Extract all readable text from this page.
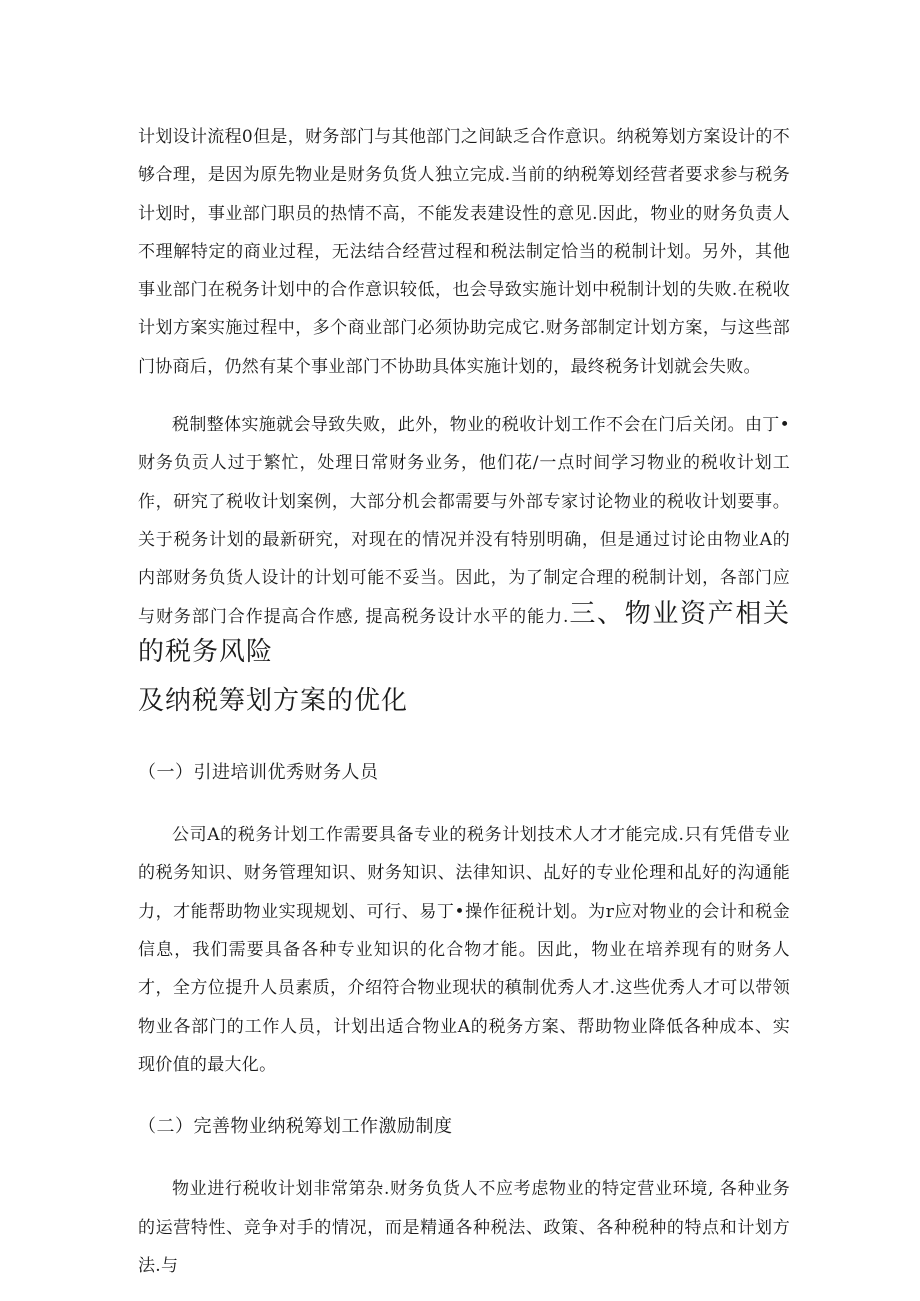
计划设计流程0但是，财务部门与其他部门之间缺乏合作意识。纳税筹划方案设计的不够合理，是因为原先物业是财务负货人独立完成.当前的纳税筹划经营者要求参与税务计划时，事业部门职员的热情不高，不能发表建设性的意见.因此，物业的财务负责人不理解特定的商业过程，无法结合经营过程和税法制定恰当的税制计划。另外，其他事业部门在税务计划中的合作意识较低，也会导致实施计划中税制计划的失败.在税收计划方案实施过程中，多个商业部门必须协助完成它.财务部制定计划方案，与这些部门协商后，仍然有某个事业部门不协助具体实施计划的，最终税务计划就会失败。

税制整体实施就会导致失败，此外，物业的税收计划工作不会在门后关闭。由丁•财务负贡人过于繁忙，处理日常财务业务，他们花/一点时间学习物业的税收计划工作，研究了税收计划案例，大部分机会都需要与外部专家讨论物业的税收计划要事。关于税务计划的最新研究，对现在的情况并没有特别明确，但是通过讨论由物业A的内部财务负货人设计的计划可能不妥当。因此，为了制定合理的税制计划，各部门应与财务部门合作提高合作感, 提高税务设计水平的能力.三、物业资产相关的税务风险

及纳税筹划方案的优化

（一）引进培训优秀财务人员

公司A的税务计划工作需要具备专业的税务计划技术人才才能完成.只有凭借专业的税务知识、财务管理知识、财务知识、法律知识、乩好的专业伦理和乩好的沟通能力，才能帮助物业实现规划、可行、易丁•操作征税计划。为r应对物业的会计和税金信息，我们需要具备各种专业知识的化合物才能。因此，物业在培养现有的财务人才，全方位提升人员素质，介绍符合物业现状的稹制优秀人才.这些优秀人才可以带领物业各部门的工作人员，计划出适合物业A的税务方案、帮助物业降低各种成本、实现价值的最大化。

（二）完善物业纳税筹划工作激励制度

物业进行税收计划非常第杂.财务负货人不应考虑物业的特定营业环境, 各种业务的运营特性、竞争对手的情况，而是精通各种税法、政策、各种税种的特点和计划方法.与
